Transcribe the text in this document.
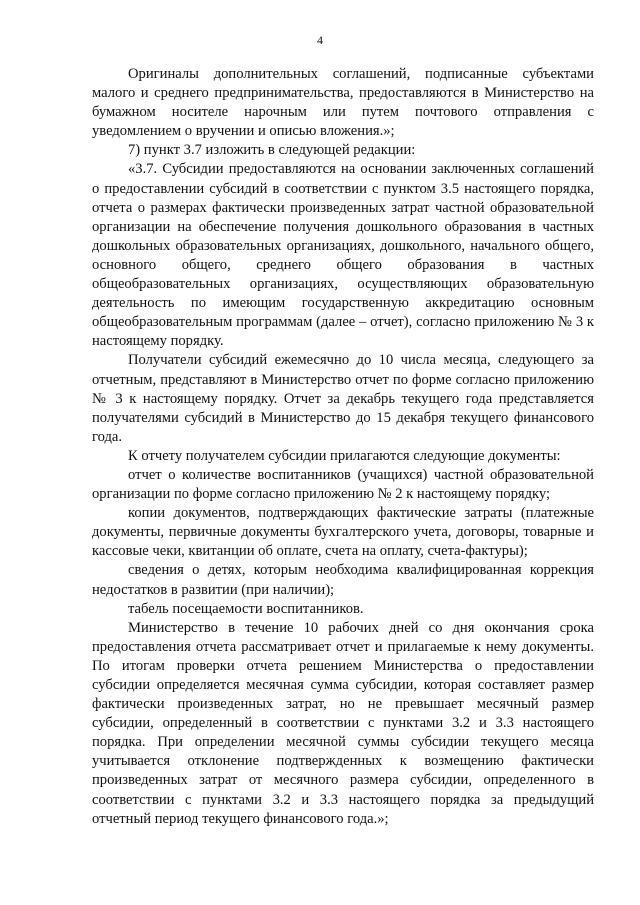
4

Оригиналы дополнительных соглашений, подписанные субъектами малого и среднего предпринимательства, предоставляются в Министерство на бумажном носителе нарочным или путем почтового отправления с уведомлением о вручении и описью вложения.»;

7) пункт 3.7 изложить в следующей редакции:

«3.7. Субсидии предоставляются на основании заключенных соглашений о предоставлении субсидий в соответствии с пунктом 3.5 настоящего порядка, отчета о размерах фактически произведенных затрат частной образовательной организации на обеспечение получения дошкольного образования в частных дошкольных образовательных организациях, дошкольного, начального общего, основного общего, среднего общего образования в частных общеобразовательных организациях, осуществляющих образовательную деятельность по имеющим государственную аккредитацию основным общеобразовательным программам (далее – отчет), согласно приложению № 3 к настоящему порядку.

Получатели субсидий ежемесячно до 10 числа месяца, следующего за отчетным, представляют в Министерство отчет по форме согласно приложению № 3 к настоящему порядку. Отчет за декабрь текущего года представляется получателями субсидий в Министерство до 15 декабря текущего финансового года.

К отчету получателем субсидии прилагаются следующие документы:

отчет о количестве воспитанников (учащихся) частной образовательной организации по форме согласно приложению № 2 к настоящему порядку;

копии документов, подтверждающих фактические затраты (платежные документы, первичные документы бухгалтерского учета, договоры, товарные и кассовые чеки, квитанции об оплате, счета на оплату, счета-фактуры);

сведения о детях, которым необходима квалифицированная коррекция недостатков в развитии (при наличии);

табель посещаемости воспитанников.

Министерство в течение 10 рабочих дней со дня окончания срока предоставления отчета рассматривает отчет и прилагаемые к нему документы. По итогам проверки отчета решением Министерства о предоставлении субсидии определяется месячная сумма субсидии, которая составляет размер фактически произведенных затрат, но не превышает месячный размер субсидии, определенный в соответствии с пунктами 3.2 и 3.3 настоящего порядка. При определении месячной суммы субсидии текущего месяца учитывается отклонение подтвержденных к возмещению фактически произведенных затрат от месячного размера субсидии, определенного в соответствии с пунктами 3.2 и 3.3 настоящего порядка за предыдущий отчетный период текущего финансового года.»;
